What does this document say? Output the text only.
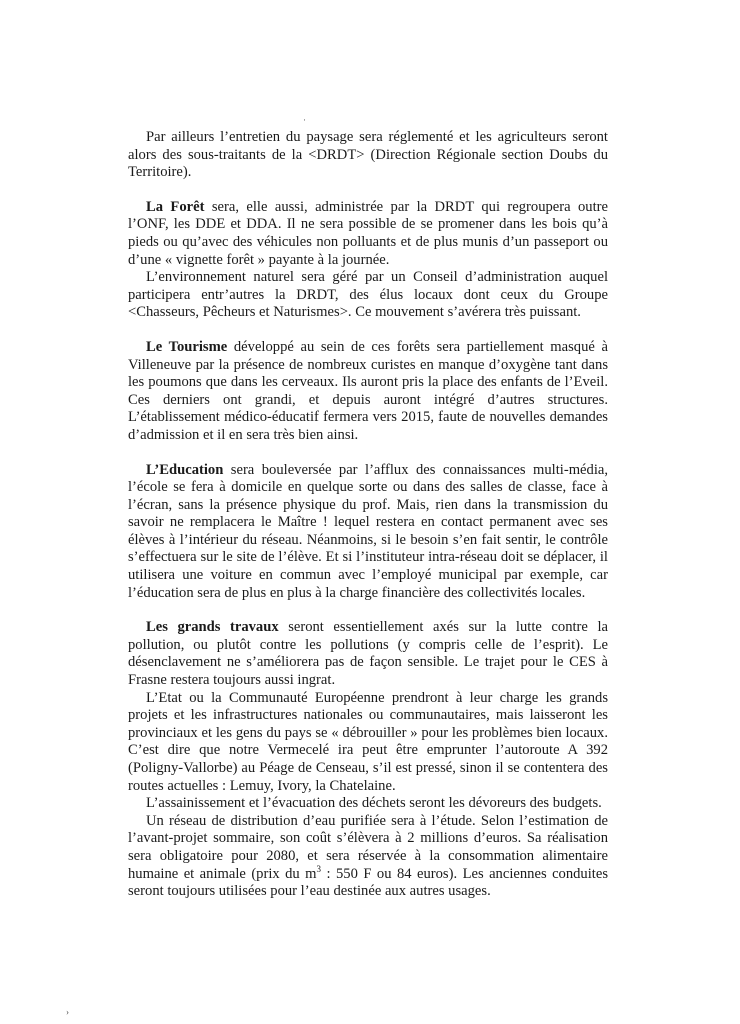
·
›

Par ailleurs l’entretien du paysage sera réglementé et les agriculteurs seront alors des sous-traitants de la <DRDT> (Direction Régionale section Doubs du Territoire).

La Forêt sera, elle aussi, administrée par la DRDT qui regroupera outre l’ONF, les DDE et DDA. Il ne sera possible de se promener dans les bois qu’à pieds ou qu’avec des véhicules non polluants et de plus munis d’un passeport ou d’une « vignette forêt » payante à la journée.

L’environnement naturel sera géré par un Conseil d’administration auquel participera entr’autres la DRDT, des élus locaux dont ceux du Groupe <Chasseurs, Pêcheurs et Naturismes>. Ce mouvement s’avérera très puissant.

Le Tourisme développé au sein de ces forêts sera partiellement masqué à Villeneuve par la présence de nombreux curistes en manque d’oxygène tant dans les poumons que dans les cerveaux. Ils auront pris la place des enfants de l’Eveil. Ces derniers ont grandi, et depuis auront intégré d’autres structures. L’établissement médico-éducatif fermera vers 2015, faute de nouvelles demandes d’admission et il en sera très bien ainsi.

L’Education sera bouleversée par l’afflux des connaissances multi-média, l’école se fera à domicile en quelque sorte ou dans des salles de classe, face à l’écran, sans la présence physique du prof. Mais, rien dans la transmission du savoir ne remplacera le Maître ! lequel restera en contact permanent avec ses élèves à l’intérieur du réseau. Néanmoins, si le besoin s’en fait sentir, le contrôle s’effectuera sur le site de l’élève. Et si l’instituteur intra-réseau doit se déplacer, il utilisera une voiture en commun avec l’employé municipal par exemple, car l’éducation sera de plus en plus à la charge financière des collectivités locales.

Les grands travaux seront essentiellement axés sur la lutte contre la pollution, ou plutôt contre les pollutions (y compris celle de l’esprit). Le désenclavement ne s’améliorera pas de façon sensible. Le trajet pour le CES à Frasne restera toujours aussi ingrat.

L’Etat ou la Communauté Européenne prendront à leur charge les grands projets et les infrastructures nationales ou communautaires, mais laisseront les provinciaux et les gens du pays se « débrouiller » pour les problèmes bien locaux. C’est dire que notre Vermecelé ira peut être emprunter l’autoroute A 392 (Poligny-Vallorbe) au Péage de Censeau, s’il est pressé, sinon il se contentera des routes actuelles : Lemuy, Ivory, la Chatelaine.

L’assainissement et l’évacuation des déchets seront les dévoreurs des budgets.

Un réseau de distribution d’eau purifiée sera à l’étude. Selon l’estimation de l’avant-projet sommaire, son coût s’élèvera à 2 millions d’euros. Sa réalisation sera obligatoire pour 2080, et sera réservée à la consommation alimentaire humaine et animale (prix du $m^3$ : 550 F ou 84 euros). Les anciennes conduites seront toujours utilisées pour l’eau destinée aux autres usages.
